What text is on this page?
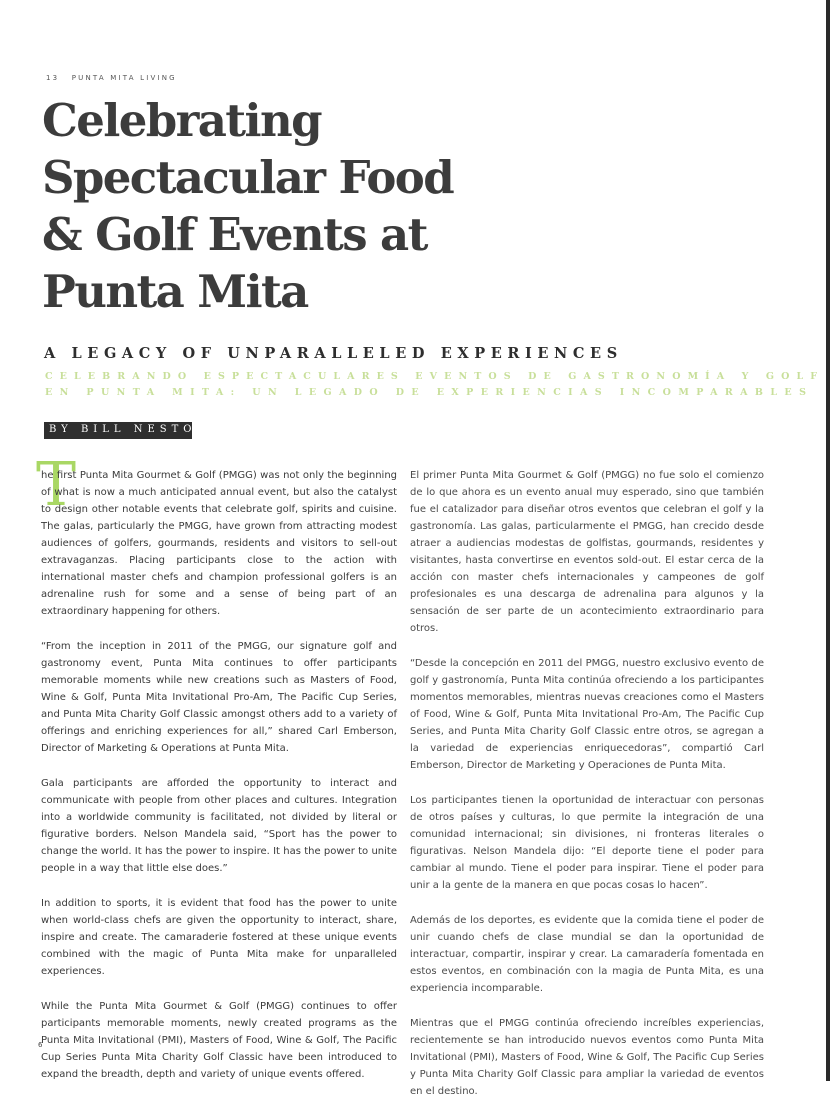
13 PUNTA MITA LIVING
Celebrating
Spectacular Food
& Golf Events at
Punta Mita
A LEGACY OF UNPARALLELED EXPERIENCES
CELEBRANDO ESPECTACULARES EVENTOS DE GASTRONOMÍA Y GOLF
EN PUNTA MITA: UN LEGADO DE EXPERIENCIAS INCOMPARABLES
BY BILL NESTOR
T

he first Punta Mita Gourmet & Golf (PMGG) was not only the beginning of what is now a much anticipated annual event, but also the catalyst to design other notable events that celebrate golf, spirits and cuisine. The galas, particularly the PMGG, have grown from attracting modest audiences of golfers, gourmands, residents and visitors to sell-out extravaganzas. Placing participants close to the action with international master chefs and champion professional golfers is an adrenaline rush for some and a sense of being part of an extraordinary happening for others.

“From the inception in 2011 of the PMGG, our signature golf and gastronomy event, Punta Mita continues to offer participants memorable moments while new creations such as Masters of Food, Wine & Golf, Punta Mita Invitational Pro-Am, The Pacific Cup Series, and Punta Mita Charity Golf Classic amongst others add to a variety of offerings and enriching experiences for all,” shared Carl Emberson, Director of Marketing & Operations at Punta Mita.

Gala participants are afforded the opportunity to interact and communicate with people from other places and cultures. Integration into a worldwide community is facilitated, not divided by literal or figurative borders. Nelson Mandela said, “Sport has the power to change the world. It has the power to inspire. It has the power to unite people in a way that little else does.”

In addition to sports, it is evident that food has the power to unite when world-class chefs are given the opportunity to interact, share, inspire and create. The camaraderie fostered at these unique events combined with the magic of Punta Mita make for unparalleled experiences.

While the Punta Mita Gourmet & Golf (PMGG) continues to offer participants memorable moments, newly created programs as the Punta Mita Invitational (PMI), Masters of Food, Wine & Golf, The Pacific Cup Series Punta Mita Charity Golf Classic have been introduced to expand the breadth, depth and variety of unique events offered.

El primer Punta Mita Gourmet & Golf (PMGG) no fue solo el comienzo de lo que ahora es un evento anual muy esperado, sino que también fue el catalizador para diseñar otros eventos que celebran el golf y la gastronomía. Las galas, particularmente el PMGG, han crecido desde atraer a audiencias modestas de golfistas, gourmands, residentes y visitantes, hasta convertirse en eventos sold-out. El estar cerca de la acción con master chefs internacionales y campeones de golf profesionales es una descarga de adrenalina para algunos y la sensación de ser parte de un acontecimiento extraordinario para otros.

“Desde la concepción en 2011 del PMGG, nuestro exclusivo evento de golf y gastronomía, Punta Mita continúa ofreciendo a los participantes momentos memorables, mientras nuevas creaciones como el Masters of Food, Wine & Golf, Punta Mita Invitational Pro-Am, The Pacific Cup Series, and Punta Mita Charity Golf Classic entre otros, se agregan a la variedad de experiencias enriquecedoras”, compartió Carl Emberson, Director de Marketing y Operaciones de Punta Mita.

Los participantes tienen la oportunidad de interactuar con personas de otros países y culturas, lo que permite la integración de una comunidad internacional; sin divisiones, ni fronteras literales o figurativas. Nelson Mandela dijo: “El deporte tiene el poder para cambiar al mundo. Tiene el poder para inspirar. Tiene el poder para unir a la gente de la manera en que pocas cosas lo hacen”.

Además de los deportes, es evidente que la comida tiene el poder de unir cuando chefs de clase mundial se dan la oportunidad de interactuar, compartir, inspirar y crear. La camaradería fomentada en estos eventos, en combinación con la magia de Punta Mita, es una experiencia incomparable.

Mientras que el PMGG continúa ofreciendo increíbles experiencias, recientemente se han introducido nuevos eventos como Punta Mita Invitational (PMI), Masters of Food, Wine & Golf, The Pacific Cup Series y Punta Mita Charity Golf Classic para ampliar la variedad de eventos en el destino.

6
